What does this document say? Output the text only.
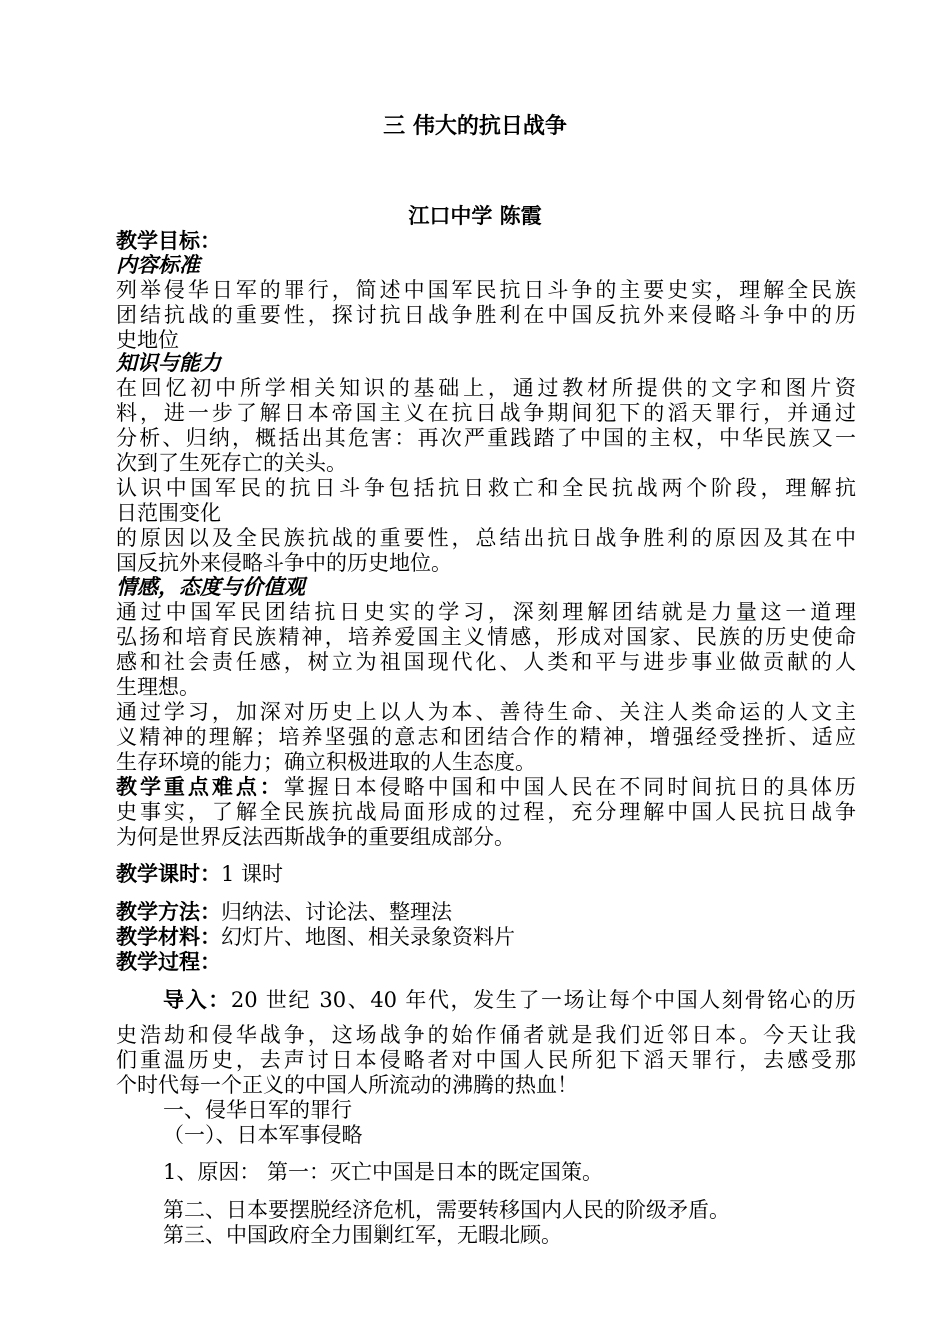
三 伟大的抗日战争
江口中学 陈霞
教学目标：
内容标准
列举侵华日军的罪行，简述中国军民抗日斗争的主要史实，理解全民族
团结抗战的重要性，探讨抗日战争胜利在中国反抗外来侵略斗争中的历
史地位
知识与能力
在回忆初中所学相关知识的基础上，通过教材所提供的文字和图片资
料，进一步了解日本帝国主义在抗日战争期间犯下的滔天罪行，并通过
分析、归纳，概括出其危害：再次严重践踏了中国的主权，中华民族又一
次到了生死存亡的关头。
认识中国军民的抗日斗争包括抗日救亡和全民抗战两个阶段，理解抗
日范围变化
的原因以及全民族抗战的重要性，总结出抗日战争胜利的原因及其在中
国反抗外来侵略斗争中的历史地位。
情感，态度与价值观
通过中国军民团结抗日史实的学习，深刻理解团结就是力量这一道理
弘扬和培育民族精神，培养爱国主义情感，形成对国家、民族的历史使命
感和社会责任感，树立为祖国现代化、人类和平与进步事业做贡献的人
生理想。
通过学习，加深对历史上以人为本、善待生命、关注人类命运的人文主
义精神的理解；培养坚强的意志和团结合作的精神，增强经受挫折、适应
生存环境的能力；确立积极进取的人生态度。
教学重点难点：掌握日本侵略中国和中国人民在不同时间抗日的具体历
史事实，了解全民族抗战局面形成的过程，充分理解中国人民抗日战争
为何是世界反法西斯战争的重要组成部分。
教学课时：1 课时
教学方法：归纳法、讨论法、整理法
教学材料：幻灯片、地图、相关录象资料片
教学过程：
导入：20 世纪 30、40 年代，发生了一场让每个中国人刻骨铭心的历
史浩劫和侵华战争，这场战争的始作俑者就是我们近邻日本。今天让我
们重温历史，去声讨日本侵略者对中国人民所犯下滔天罪行，去感受那
个时代每一个正义的中国人所流动的沸腾的热血！
一、侵华日军的罪行
（一）、日本军事侵略
1、原因： 第一：灭亡中国是日本的既定国策。
第二、日本要摆脱经济危机，需要转移国内人民的阶级矛盾。
第三、中国政府全力围剿红军，无暇北顾。
